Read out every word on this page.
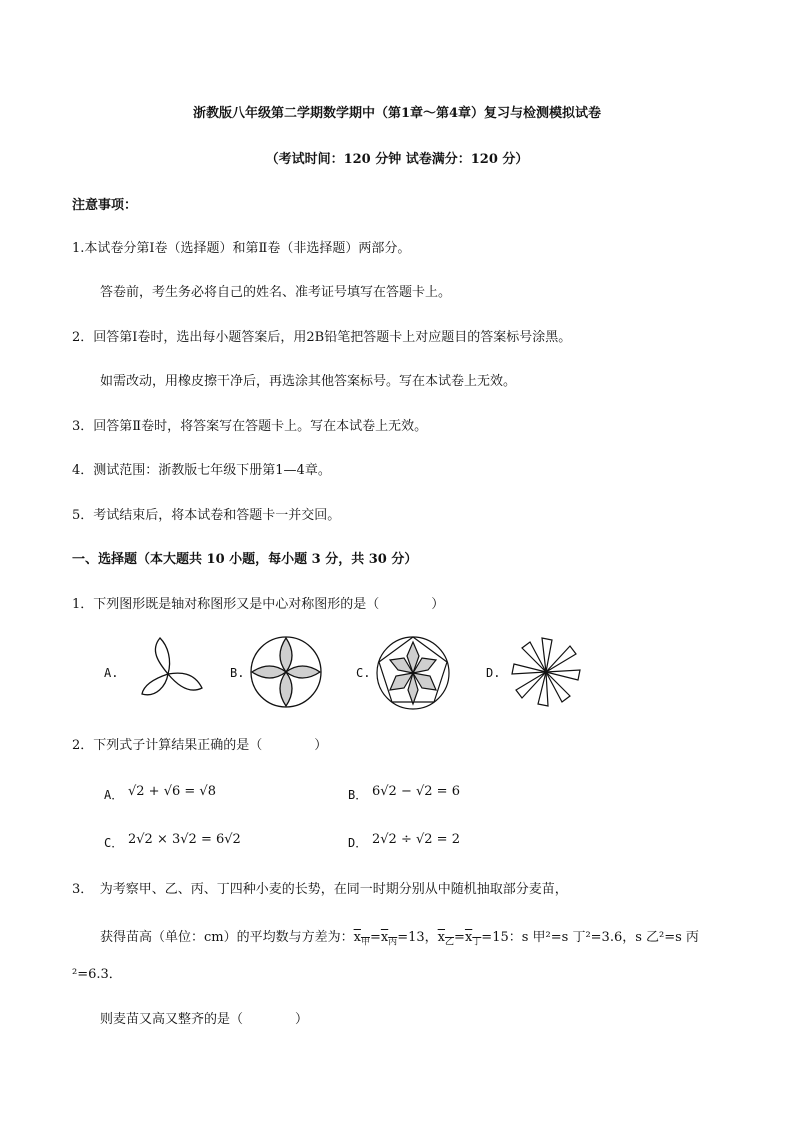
浙教版八年级第二学期数学期中（第1章～第4章）复习与检测模拟试卷
（考试时间：120 分钟 试卷满分：120 分）
注意事项：
1.本试卷分第Ⅰ卷（选择题）和第Ⅱ卷（非选择题）两部分。
答卷前，考生务必将自己的姓名、准考证号填写在答题卡上。
2．回答第Ⅰ卷时，选出每小题答案后，用2B铅笔把答题卡上对应题目的答案标号涂黑。
如需改动，用橡皮擦干净后，再选涂其他答案标号。写在本试卷上无效。
3．回答第Ⅱ卷时，将答案写在答题卡上。写在本试卷上无效。
4．测试范围：浙教版七年级下册第1—4章。
5．考试结束后，将本试卷和答题卡一并交回。
一、选择题（本大题共 10 小题，每小题 3 分，共 30 分）
1．下列图形既是轴对称图形又是中心对称图形的是（　　　　）
A.	B.	C.	D.
2．下列式子计算结果正确的是（　　　　）
A． √2 + √6 = √8	B． 6√2 − √2 = 6
C． 2√2 × 3√2 = 6√2	D． 2√2 ÷ √2 = 2
3．　为考察甲、乙、丙、丁四种小麦的长势，在同一时期分别从中随机抽取部分麦苗，
获得苗高（单位：cm）的平均数与方差为：$x_甲=x_丙=13$，$x_乙=x_丁=15$：s 甲²=s 丁²=3.6，s 乙²=s 丙
²=6.3．
则麦苗又高又整齐的是（　　　　）
